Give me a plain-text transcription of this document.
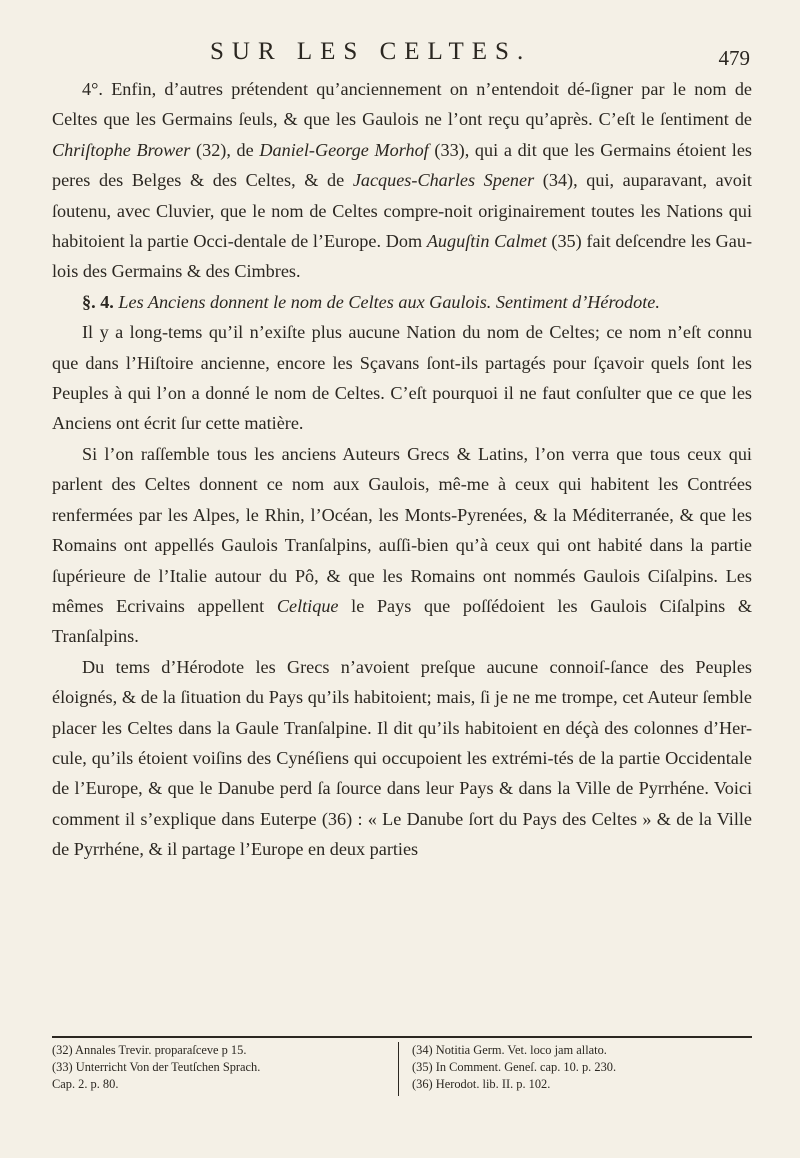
SUR LES CELTES.	479

4°. Enfin, d’autres prétendent qu’anciennement on n’entendoit dé-ſigner par le nom de Celtes que les Germains ſeuls, & que les Gaulois ne l’ont reçu qu’après. C’eſt le ſentiment de Chriſtophe Brower (32), de Daniel-George Morhof (33), qui a dit que les Germains étoient les peres des Belges & des Celtes, & de Jacques-Charles Spener (34), qui, auparavant, avoit ſoutenu, avec Cluvier, que le nom de Celtes compre-noit originairement toutes les Nations qui habitoient la partie Occi-dentale de l’Europe. Dom Auguſtin Calmet (35) fait deſcendre les Gau-lois des Germains & des Cimbres.

§. 4. Les Anciens donnent le nom de Celtes aux Gaulois. Sentiment d’Hérodote.

Il y a long-tems qu’il n’exiſte plus aucune Nation du nom de Celtes; ce nom n’eſt connu que dans l’Hiſtoire ancienne, encore les Sçavans ſont-ils partagés pour ſçavoir quels ſont les Peuples à qui l’on a donné le nom de Celtes. C’eſt pourquoi il ne faut conſulter que ce que les Anciens ont écrit ſur cette matière.

Si l’on raſſemble tous les anciens Auteurs Grecs & Latins, l’on verra que tous ceux qui parlent des Celtes donnent ce nom aux Gaulois, mê-me à ceux qui habitent les Contrées renfermées par les Alpes, le Rhin, l’Océan, les Monts-Pyrenées, & la Méditerranée, & que les Romains ont appellés Gaulois Tranſalpins, auſſi-bien qu’à ceux qui ont habité dans la partie ſupérieure de l’Italie autour du Pô, & que les Romains ont nommés Gaulois Ciſalpins. Les mêmes Ecrivains appellent Celtique le Pays que poſſédoient les Gaulois Ciſalpins & Tranſalpins.

Du tems d’Hérodote les Grecs n’avoient preſque aucune connoiſ-ſance des Peuples éloignés, & de la ſituation du Pays qu’ils habitoient; mais, ſi je ne me trompe, cet Auteur ſemble placer les Celtes dans la Gaule Tranſalpine. Il dit qu’ils habitoient en déçà des colonnes d’Her-cule, qu’ils étoient voiſins des Cynéſiens qui occupoient les extrémi-tés de la partie Occidentale de l’Europe, & que le Danube perd ſa ſource dans leur Pays & dans la Ville de Pyrrhéne. Voici comment il s’explique dans Euterpe (36) : « Le Danube ſort du Pays des Celtes » & de la Ville de Pyrrhéne, & il partage l’Europe en deux parties

(32) Annales Trevir. proparaſceve p 15.
(33) Unterricht Von der Teutſchen Sprach.
Cap. 2. p. 80.
(34) Notitia Germ. Vet. loco jam allato.
(35) In Comment. Geneſ. cap. 10. p. 230.
(36) Herodot. lib. II. p. 102.
